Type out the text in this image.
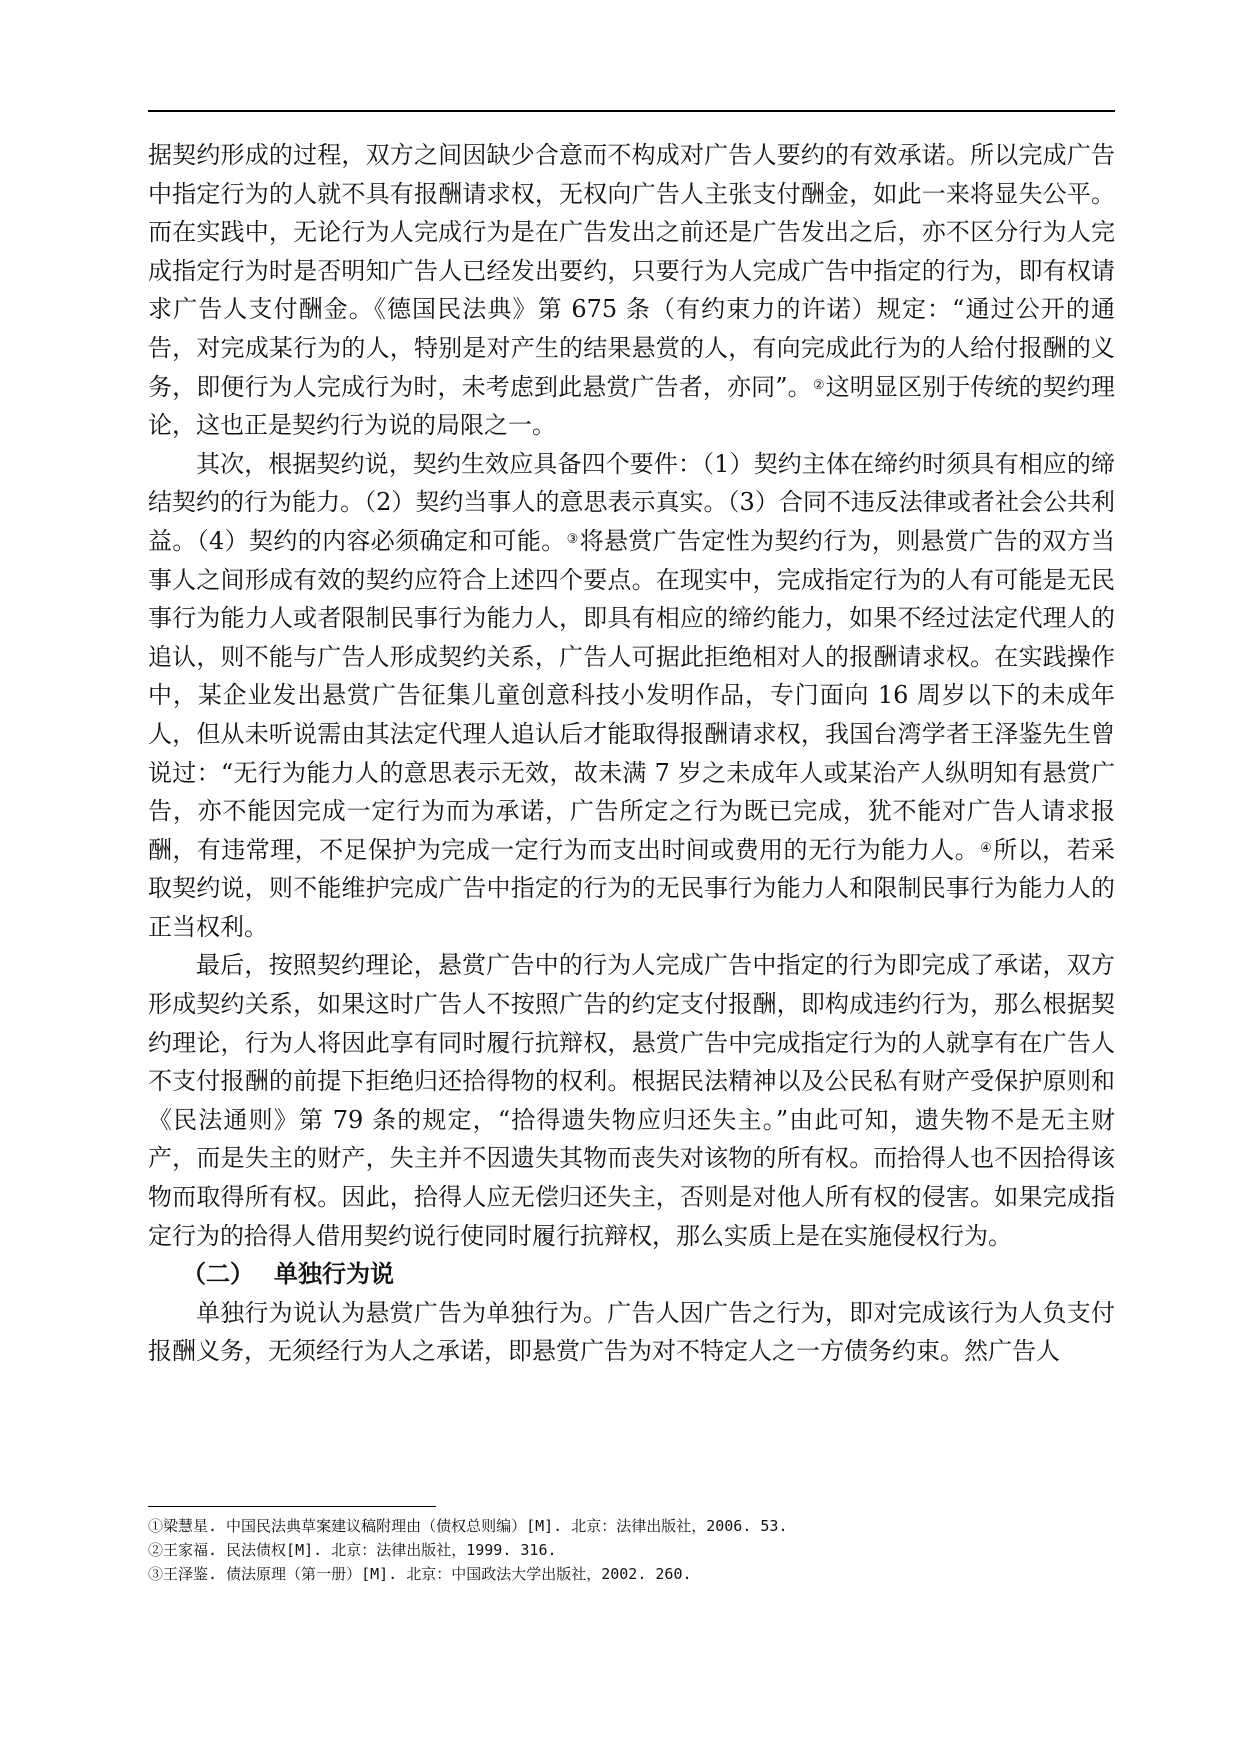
据契约形成的过程，双方之间因缺少合意而不构成对广告人要约的有效承诺。所以完成广告中指定行为的人就不具有报酬请求权，无权向广告人主张支付酬金，如此一来将显失公平。而在实践中，无论行为人完成行为是在广告发出之前还是广告发出之后，亦不区分行为人完成指定行为时是否明知广告人已经发出要约，只要行为人完成广告中指定的行为，即有权请求广告人支付酬金。《德国民法典》第 675 条（有约束力的许诺）规定：“通过公开的通告，对完成某行为的人，特别是对产生的结果悬赏的人，有向完成此行为的人给付报酬的义务，即便行为人完成行为时，未考虑到此悬赏广告者，亦同”。②这明显区别于传统的契约理论，这也正是契约行为说的局限之一。

其次，根据契约说，契约生效应具备四个要件：（1）契约主体在缔约时须具有相应的缔结契约的行为能力。（2）契约当事人的意思表示真实。（3）合同不违反法律或者社会公共利益。（4）契约的内容必须确定和可能。③将悬赏广告定性为契约行为，则悬赏广告的双方当事人之间形成有效的契约应符合上述四个要点。在现实中，完成指定行为的人有可能是无民事行为能力人或者限制民事行为能力人，即具有相应的缔约能力，如果不经过法定代理人的追认，则不能与广告人形成契约关系，广告人可据此拒绝相对人的报酬请求权。在实践操作中，某企业发出悬赏广告征集儿童创意科技小发明作品，专门面向 16 周岁以下的未成年人，但从未听说需由其法定代理人追认后才能取得报酬请求权，我国台湾学者王泽鉴先生曾说过：“无行为能力人的意思表示无效，故未满 7 岁之未成年人或某治产人纵明知有悬赏广告，亦不能因完成一定行为而为承诺，广告所定之行为既已完成，犹不能对广告人请求报酬，有违常理，不足保护为完成一定行为而支出时间或费用的无行为能力人。④所以，若采取契约说，则不能维护完成广告中指定的行为的无民事行为能力人和限制民事行为能力人的正当权利。

最后，按照契约理论，悬赏广告中的行为人完成广告中指定的行为即完成了承诺，双方形成契约关系，如果这时广告人不按照广告的约定支付报酬，即构成违约行为，那么根据契约理论，行为人将因此享有同时履行抗辩权，悬赏广告中完成指定行为的人就享有在广告人不支付报酬的前提下拒绝归还拾得物的权利。根据民法精神以及公民私有财产受保护原则和《民法通则》第 79 条的规定，“拾得遗失物应归还失主。”由此可知，遗失物不是无主财产，而是失主的财产，失主并不因遗失其物而丧失对该物的所有权。而拾得人也不因拾得该物而取得所有权。因此，拾得人应无偿归还失主，否则是对他人所有权的侵害。如果完成指定行为的拾得人借用契约说行使同时履行抗辩权，那么实质上是在实施侵权行为。

（二） 单独行为说

单独行为说认为悬赏广告为单独行为。广告人因广告之行为，即对完成该行为人负支付报酬义务，无须经行为人之承诺，即悬赏广告为对不特定人之一方债务约束。然广告人

①梁慧星. 中国民法典草案建议稿附理由（债权总则编）[M]. 北京：法律出版社，2006. 53.

②王家福. 民法债权[M]. 北京：法律出版社，1999. 316.

③王泽鉴. 债法原理（第一册）[M]. 北京：中国政法大学出版社，2002. 260.
